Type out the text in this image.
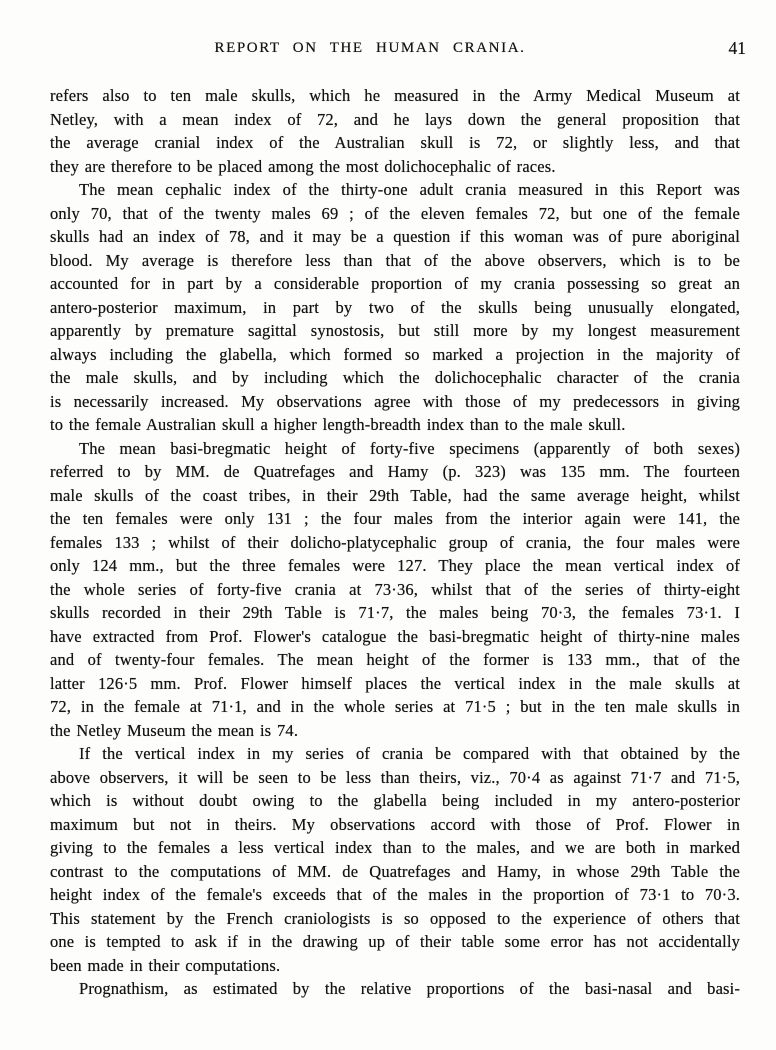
REPORT ON THE HUMAN CRANIA.	41
refers also to ten male skulls, which he measured in the Army Medical Museum at
Netley, with a mean index of 72, and he lays down the general proposition that
the average cranial index of the Australian skull is 72, or slightly less, and that
they are therefore to be placed among the most dolichocephalic of races.
The mean cephalic index of the thirty-one adult crania measured in this Report was
only 70, that of the twenty males 69 ; of the eleven females 72, but one of the female
skulls had an index of 78, and it may be a question if this woman was of pure aboriginal
blood. My average is therefore less than that of the above observers, which is to be
accounted for in part by a considerable proportion of my crania possessing so great an
antero-posterior maximum, in part by two of the skulls being unusually elongated,
apparently by premature sagittal synostosis, but still more by my longest measurement
always including the glabella, which formed so marked a projection in the majority of
the male skulls, and by including which the dolichocephalic character of the crania
is necessarily increased. My observations agree with those of my predecessors in giving
to the female Australian skull a higher length-breadth index than to the male skull.
The mean basi-bregmatic height of forty-five specimens (apparently of both sexes)
referred to by MM. de Quatrefages and Hamy (p. 323) was 135 mm. The fourteen
male skulls of the coast tribes, in their 29th Table, had the same average height, whilst
the ten females were only 131 ; the four males from the interior again were 141, the
females 133 ; whilst of their dolicho-platycephalic group of crania, the four males were
only 124 mm., but the three females were 127. They place the mean vertical index of
the whole series of forty-five crania at 73·36, whilst that of the series of thirty-eight
skulls recorded in their 29th Table is 71·7, the males being 70·3, the females 73·1. I
have extracted from Prof. Flower's catalogue the basi-bregmatic height of thirty-nine males
and of twenty-four females. The mean height of the former is 133 mm., that of the
latter 126·5 mm. Prof. Flower himself places the vertical index in the male skulls at
72, in the female at 71·1, and in the whole series at 71·5 ; but in the ten male skulls in
the Netley Museum the mean is 74.
If the vertical index in my series of crania be compared with that obtained by the
above observers, it will be seen to be less than theirs, viz., 70·4 as against 71·7 and 71·5,
which is without doubt owing to the glabella being included in my antero-posterior
maximum but not in theirs. My observations accord with those of Prof. Flower in
giving to the females a less vertical index than to the males, and we are both in marked
contrast to the computations of MM. de Quatrefages and Hamy, in whose 29th Table the
height index of the female's exceeds that of the males in the proportion of 73·1 to 70·3.
This statement by the French craniologists is so opposed to the experience of others that
one is tempted to ask if in the drawing up of their table some error has not accidentally
been made in their computations.
Prognathism, as estimated by the relative proportions of the basi-nasal and basi-
